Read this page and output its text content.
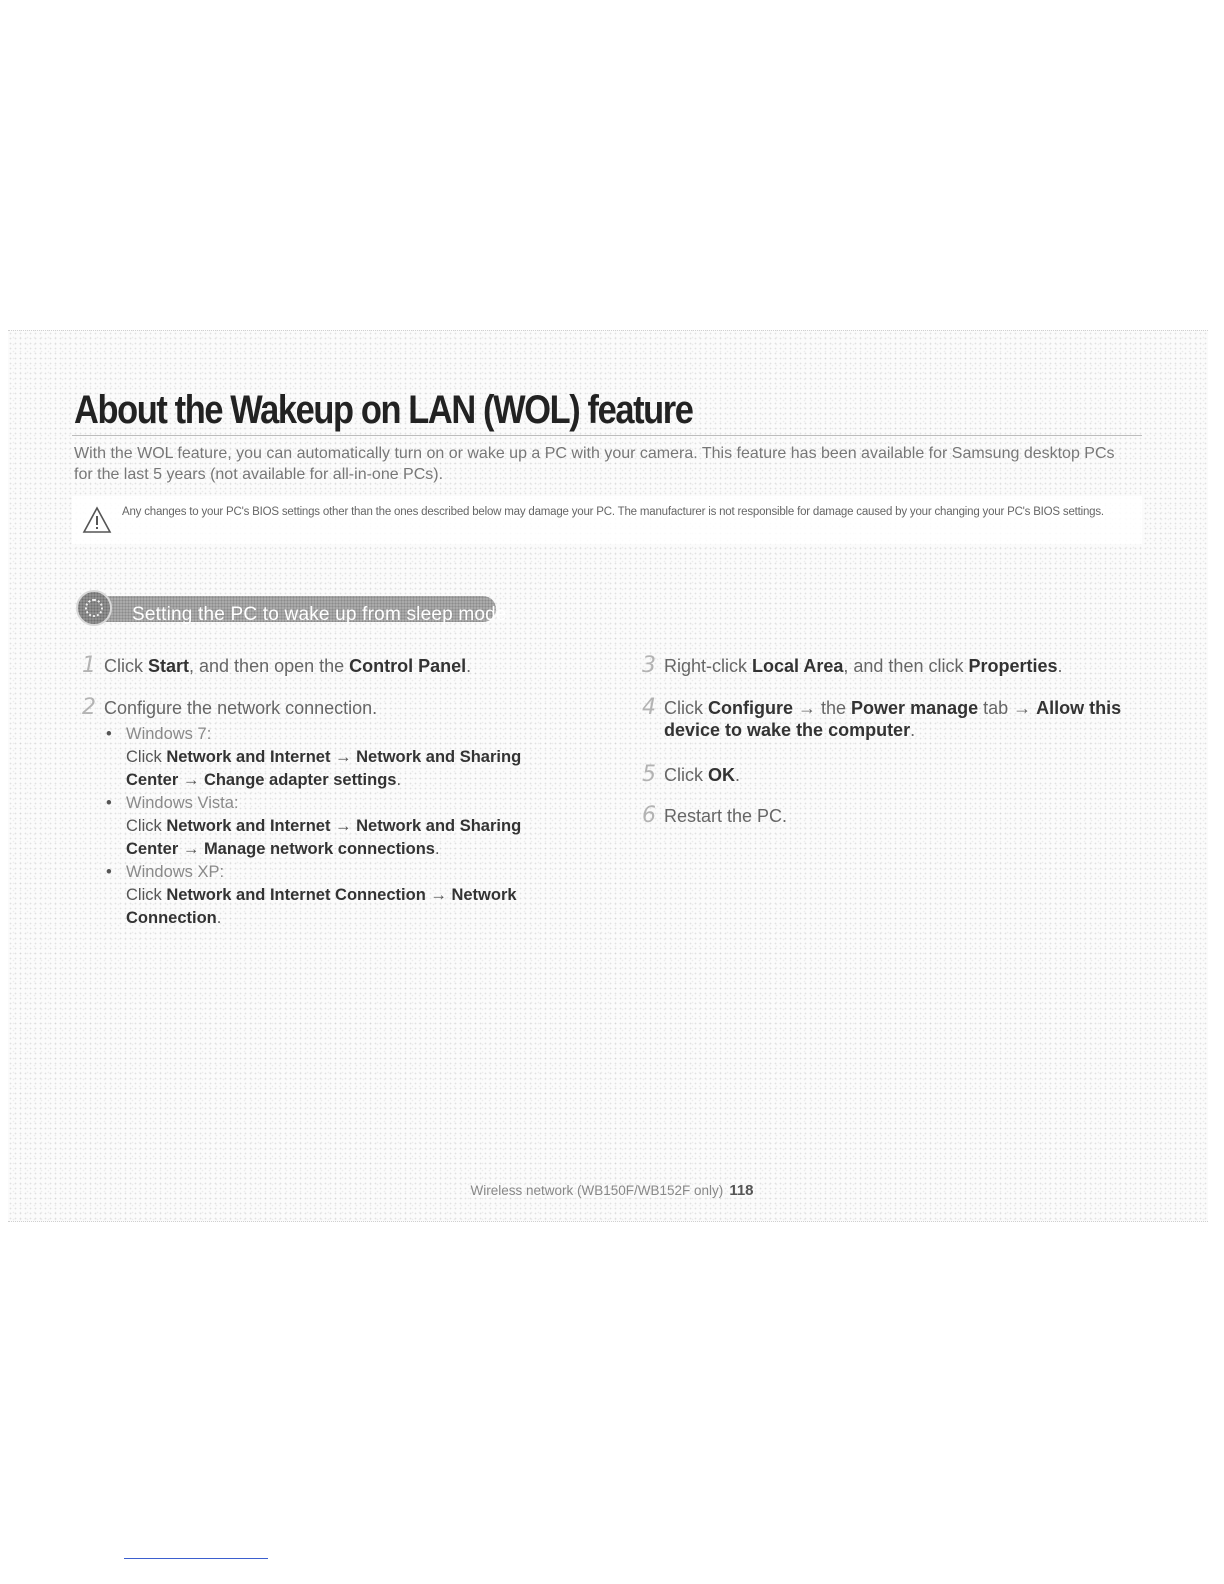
About the Wakeup on LAN (WOL) feature

With the WOL feature, you can automatically turn on or wake up a PC with your camera. This feature has been available for Samsung desktop PCs for the last 5 years (not available for all-in-one PCs).

Any changes to your PC's BIOS settings other than the ones described below may damage your PC. The manufacturer is not responsible for damage caused by your changing your PC's BIOS settings.

Setting the PC to wake up from sleep mode
1 Click Start, and then open the Control Panel.
2 Configure the network connection.
• Windows 7:
Click Network and Internet → Network and Sharing
Center → Change adapter settings.
• Windows Vista:
Click Network and Internet → Network and Sharing
Center → Manage network connections.
• Windows XP:
Click Network and Internet Connection → Network
Connection.
3 Right-click Local Area, and then click Properties.
4 Click Configure → the Power manage tab → Allow this
device to wake the computer.
5 Click OK.
6 Restart the PC.
Wireless network (WB150F/WB152F only) 118
